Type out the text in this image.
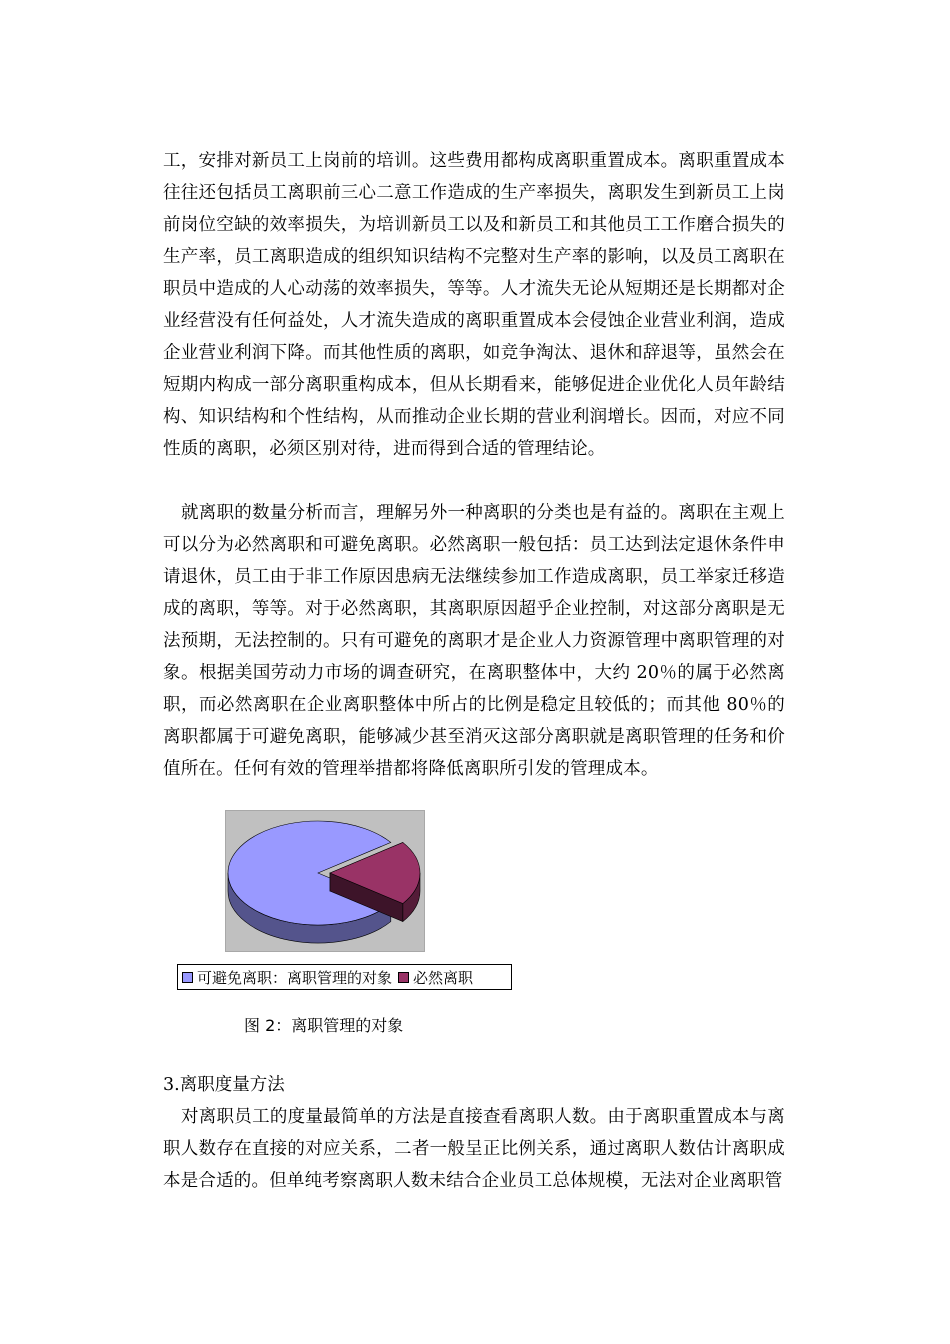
工，安排对新员工上岗前的培训。这些费用都构成离职重置成本。离职重置成本往往还包括员工离职前三心二意工作造成的生产率损失，离职发生到新员工上岗前岗位空缺的效率损失，为培训新员工以及和新员工和其他员工工作磨合损失的生产率，员工离职造成的组织知识结构不完整对生产率的影响，以及员工离职在职员中造成的人心动荡的效率损失，等等。人才流失无论从短期还是长期都对企业经营没有任何益处，人才流失造成的离职重置成本会侵蚀企业营业利润，造成企业营业利润下降。而其他性质的离职，如竞争淘汰、退休和辞退等，虽然会在短期内构成一部分离职重构成本，但从长期看来，能够促进企业优化人员年龄结构、知识结构和个性结构，从而推动企业长期的营业利润增长。因而，对应不同性质的离职，必须区别对待，进而得到合适的管理结论。

就离职的数量分析而言，理解另外一种离职的分类也是有益的。离职在主观上可以分为必然离职和可避免离职。必然离职一般包括：员工达到法定退休条件申请退休，员工由于非工作原因患病无法继续参加工作造成离职，员工举家迁移造成的离职，等等。对于必然离职，其离职原因超乎企业控制，对这部分离职是无法预期，无法控制的。只有可避免的离职才是企业人力资源管理中离职管理的对象。根据美国劳动力市场的调查研究，在离职整体中，大约 20％的属于必然离职，而必然离职在企业离职整体中所占的比例是稳定且较低的；而其他 80％的离职都属于可避免离职，能够减少甚至消灭这部分离职就是离职管理的任务和价值所在。任何有效的管理举措都将降低离职所引发的管理成本。

可避免离职：离职管理的对象 必然离职
图 2：离职管理的对象

3.离职度量方法

对离职员工的度量最简单的方法是直接查看离职人数。由于离职重置成本与离职人数存在直接的对应关系，二者一般呈正比例关系，通过离职人数估计离职成本是合适的。但单纯考察离职人数未结合企业员工总体规模，无法对企业离职管
